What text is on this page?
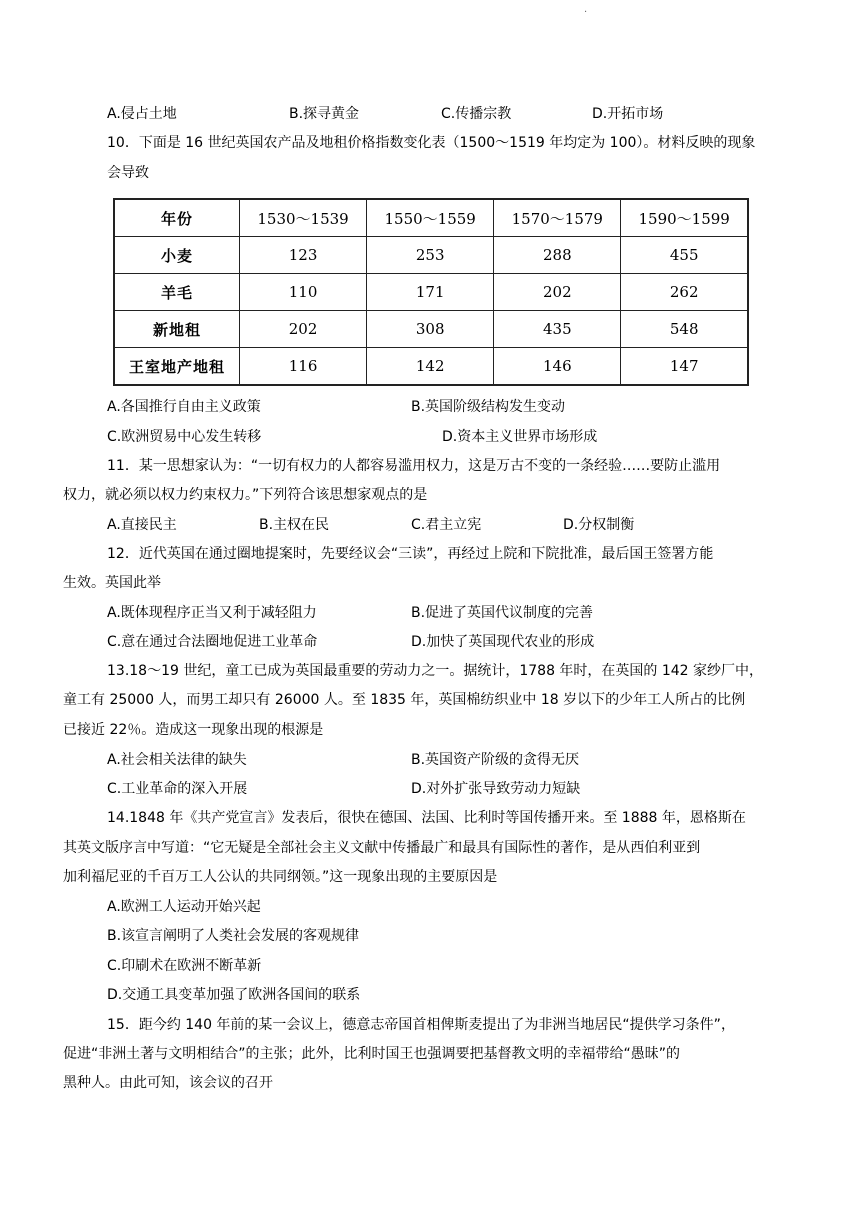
.
A.侵占土地	B.探寻黄金	C.传播宗教	D.开拓市场
10．下面是 16 世纪英国农产品及地租价格指数变化表（1500～1519 年均定为 100）。材料反映的现象
会导致
年份	1530～1539	1550～1559	1570～1579	1590～1599
小麦	123	253	288	455
羊毛	110	171	202	262
新地租	202	308	435	548
王室地产地租	116	142	146	147
A.各国推行自由主义政策	B.英国阶级结构发生变动
C.欧洲贸易中心发生转移	D.资本主义世界市场形成
11．某一思想家认为：“一切有权力的人都容易滥用权力，这是万古不变的一条经验……要防止滥用
权力，就必须以权力约束权力。”下列符合该思想家观点的是
A.直接民主	B.主权在民	C.君主立宪	D.分权制衡
12．近代英国在通过圈地提案时，先要经议会“三读”，再经过上院和下院批准，最后国王签署方能
生效。英国此举
A.既体现程序正当又利于减轻阻力	B.促进了英国代议制度的完善
C.意在通过合法圈地促进工业革命	D.加快了英国现代农业的形成
13.18～19 世纪，童工已成为英国最重要的劳动力之一。据统计，1788 年时，在英国的 142 家纱厂中，
童工有 25000 人，而男工却只有 26000 人。至 1835 年，英国棉纺织业中 18 岁以下的少年工人所占的比例
已接近 22％。造成这一现象出现的根源是
A.社会相关法律的缺失	B.英国资产阶级的贪得无厌
C.工业革命的深入开展	D.对外扩张导致劳动力短缺
14.1848 年《共产党宣言》发表后，很快在德国、法国、比利时等国传播开来。至 1888 年，恩格斯在
其英文版序言中写道：“它无疑是全部社会主义文献中传播最广和最具有国际性的著作，是从西伯利亚到
加利福尼亚的千百万工人公认的共同纲领。”这一现象出现的主要原因是
A.欧洲工人运动开始兴起
B.该宣言阐明了人类社会发展的客观规律
C.印刷术在欧洲不断革新
D.交通工具变革加强了欧洲各国间的联系
15．距今约 140 年前的某一会议上，德意志帝国首相俾斯麦提出了为非洲当地居民“提供学习条件”，
促进“非洲土著与文明相结合”的主张；此外，比利时国王也强调要把基督教文明的幸福带给“愚昧”的
黑种人。由此可知，该会议的召开
